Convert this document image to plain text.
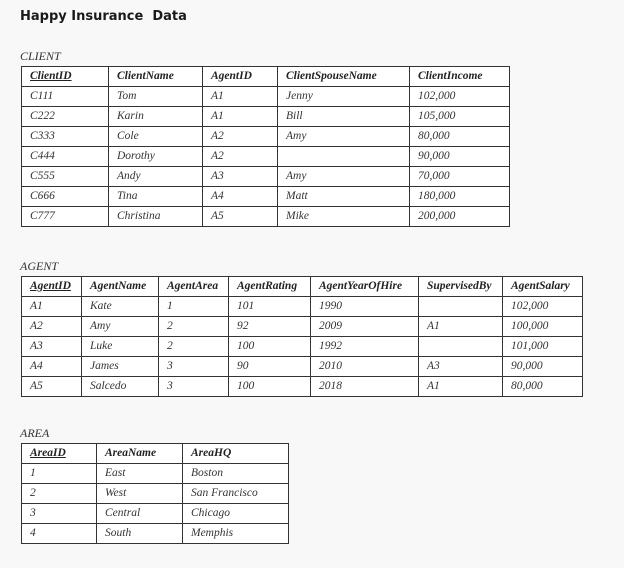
Happy Insurance  Data
CLIENT
ClientID	ClientName	AgentID	ClientSpouseName	ClientIncome
C111	Tom	A1	Jenny	102,000
C222	Karin	A1	Bill	105,000
C333	Cole	A2	Amy	80,000
C444	Dorothy	A2		90,000
C555	Andy	A3	Amy	70,000
C666	Tina	A4	Matt	180,000
C777	Christina	A5	Mike	200,000
AGENT
AgentID	AgentName	AgentArea	AgentRating	AgentYearOfHire	SupervisedBy	AgentSalary
A1	Kate	1	101	1990		102,000
A2	Amy	2	92	2009	A1	100,000
A3	Luke	2	100	1992		101,000
A4	James	3	90	2010	A3	90,000
A5	Salcedo	3	100	2018	A1	80,000
AREA
AreaID	AreaName	AreaHQ
1	East	Boston
2	West	San Francisco
3	Central	Chicago
4	South	Memphis
